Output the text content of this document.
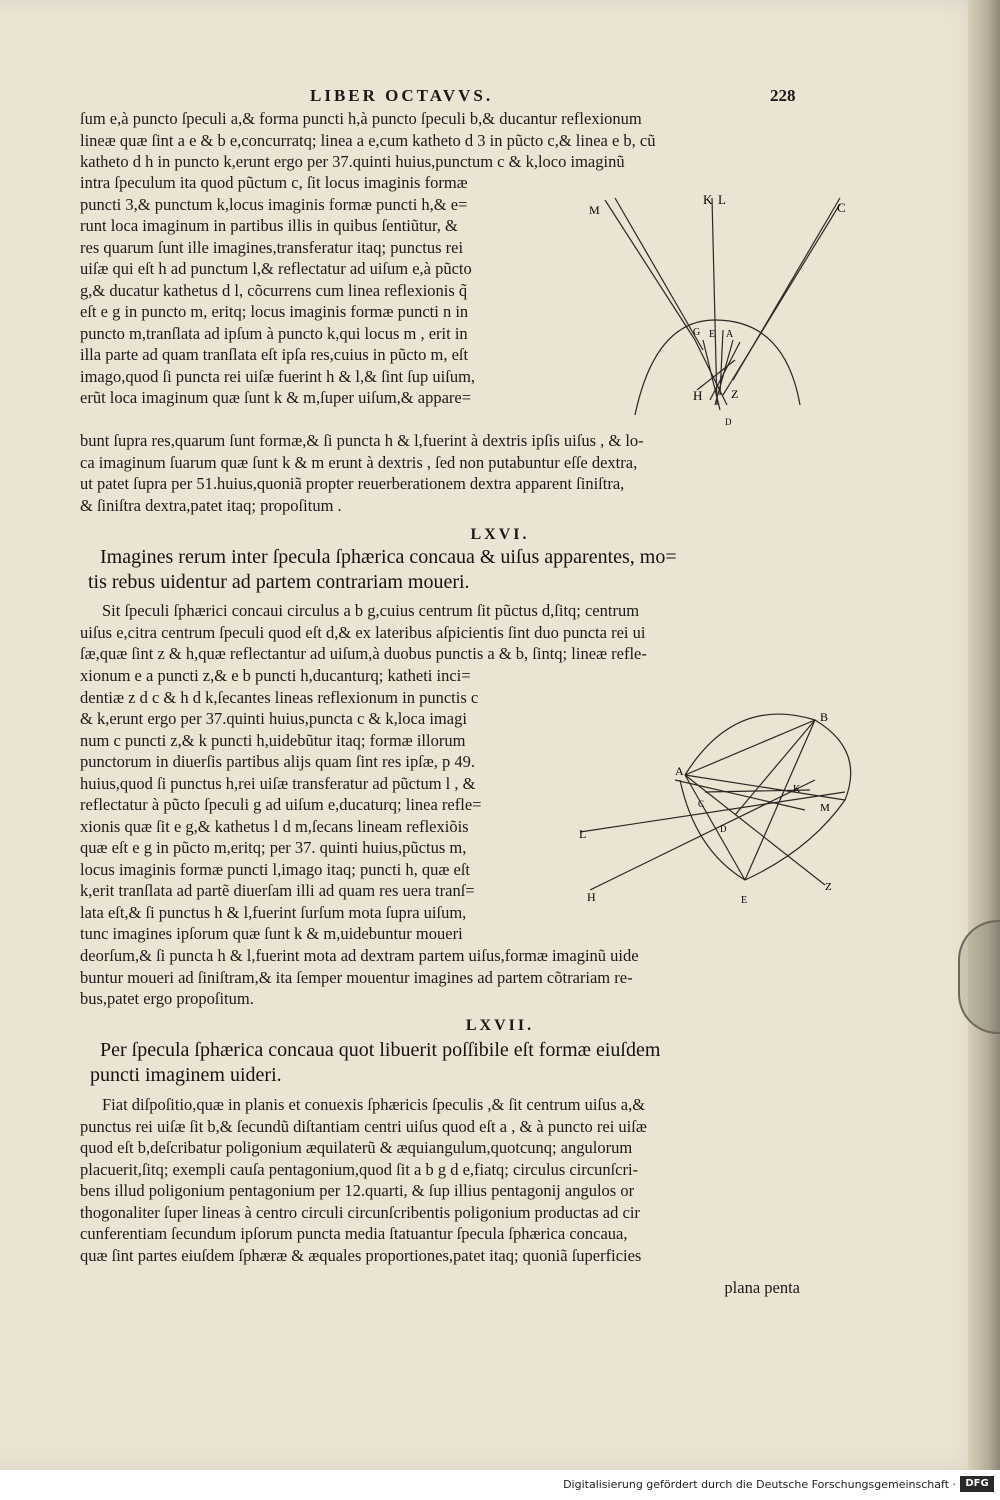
LIBER OCTAVVS.	228

ſum e,à puncto ſpeculi a,& forma puncti h,à puncto ſpeculi b,& ducantur reflexionum

lineæ quæ ſint a e & b e,concurratq; linea a e,cum katheto d 3 in pũcto c,& linea e b, cũ

katheto d h in puncto k,erunt ergo per 37.quinti huius,punctum c & k,loco imaginũ

intra ſpeculum ita quod pũctum c, ſit locus imaginis formæ

puncti 3,& punctum k,locus imaginis formæ puncti h,& e=

runt loca imaginum in partibus illis in quibus ſentiũtur, &

res quarum ſunt ille imagines,transferatur itaq; punctus rei

uiſæ qui eſt h ad punctum l,& reflectatur ad uiſum e,à pũcto

g,& ducatur kathetus d l, cõcurrens cum linea reflexionis q̃

eſt e g in puncto m, eritq; locus imaginis formæ puncti n in

puncto m,tranſlata ad ipſum à puncto k,qui locus m , erit in

illa parte ad quam tranſlata eſt ipſa res,cuius in pũcto m, eſt

imago,quod ſi puncta rei uiſæ fuerint h & l,& ſint ſup uiſum,

erũt loca imaginum quæ ſunt k & m,ſuper uiſum,& appare=

bunt ſupra res,quarum ſunt formæ,& ſi puncta h & l,fuerint à dextris ipſis uiſus , & lo-

ca imaginum ſuarum quæ ſunt k & m erunt à dextris , ſed non putabuntur eſſe dextra,

ut patet ſupra per 51.huius,quoniã propter reuerberationem dextra apparent ſiniſtra,

& ſiniſtra dextra,patet itaq; propoſitum .

M
K L
C
G E A
H Z
D
LXVI.

Imagines rerum inter ſpecula ſphærica concaua & uiſus apparentes, mo=

tis rebus uidentur ad partem contrariam moueri.

Sit ſpeculi ſphærici concaui circulus a b g,cuius centrum ſit pũctus d,ſitq; centrum

uiſus e,citra centrum ſpeculi quod eſt d,& ex lateribus aſpicientis ſint duo puncta rei ui

ſæ,quæ ſint z & h,quæ reflectantur ad uiſum,à duobus punctis a & b, ſintq; lineæ refle-

xionum e a puncti z,& e b puncti h,ducanturq; katheti inci=

dentiæ z d c & h d k,ſecantes lineas reflexionum in punctis c

& k,erunt ergo per 37.quinti huius,puncta c & k,loca imagi

num c puncti z,& k puncti h,uidebũtur itaq; formæ illorum

punctorum in diuerſis partibus alijs quam ſint res ipſæ, p 49.

huius,quod ſi punctus h,rei uiſæ transferatur ad pũctum l , &

reflectatur à pũcto ſpeculi g ad uiſum e,ducaturq; linea refle=

xionis quæ ſit e g,& kathetus l d m,ſecans lineam reflexiõis

quæ eſt e g in pũcto m,eritq; per 37. quinti huius,pũctus m,

locus imaginis formæ puncti l,imago itaq; puncti h, quæ eſt

k,erit tranſlata ad partẽ diuerſam illi ad quam res uera tranſ=

lata eſt,& ſi punctus h & l,fuerint ſurſum mota ſupra uiſum,

tunc imagines ipſorum quæ ſunt k & m,uidebuntur moueri

deorſum,& ſi puncta h & l,fuerint mota ad dextram partem uiſus,formæ imaginũ uide

buntur moueri ad ſiniſtram,& ita ſemper mouentur imagines ad partem cõtrariam re-

bus,patet ergo propoſitum.

B
A
K
M
C
D
L
H	E
Z
LXVII.

Per ſpecula ſphærica concaua quot libuerit poſſibile eſt formæ eiuſdem

puncti imaginem uideri.

Fiat diſpoſitio,quæ in planis et conuexis ſphæricis ſpeculis ,& ſit centrum uiſus a,&

punctus rei uiſæ ſit b,& ſecundũ diſtantiam centri uiſus quod eſt a , & à puncto rei uiſæ

quod eſt b,deſcribatur poligonium æquilaterũ & æquiangulum,quotcunq; angulorum

placuerit,ſitq; exempli cauſa pentagonium,quod ſit a b g d e,fiatq; circulus circunſcri-

bens illud poligonium pentagonium per 12.quarti, & ſup illius pentagonij angulos or

thogonaliter ſuper lineas à centro circuli circunſcribentis poligonium productas ad cir

cunferentiam ſecundum ipſorum puncta media ſtatuantur ſpecula ſphærica concaua,

quæ ſint partes eiuſdem ſphæræ & æquales proportiones,patet itaq; quoniã ſuperficies

plana penta
Digitalisierung gefördert durch die Deutsche Forschungsgemeinschaft · DFG
